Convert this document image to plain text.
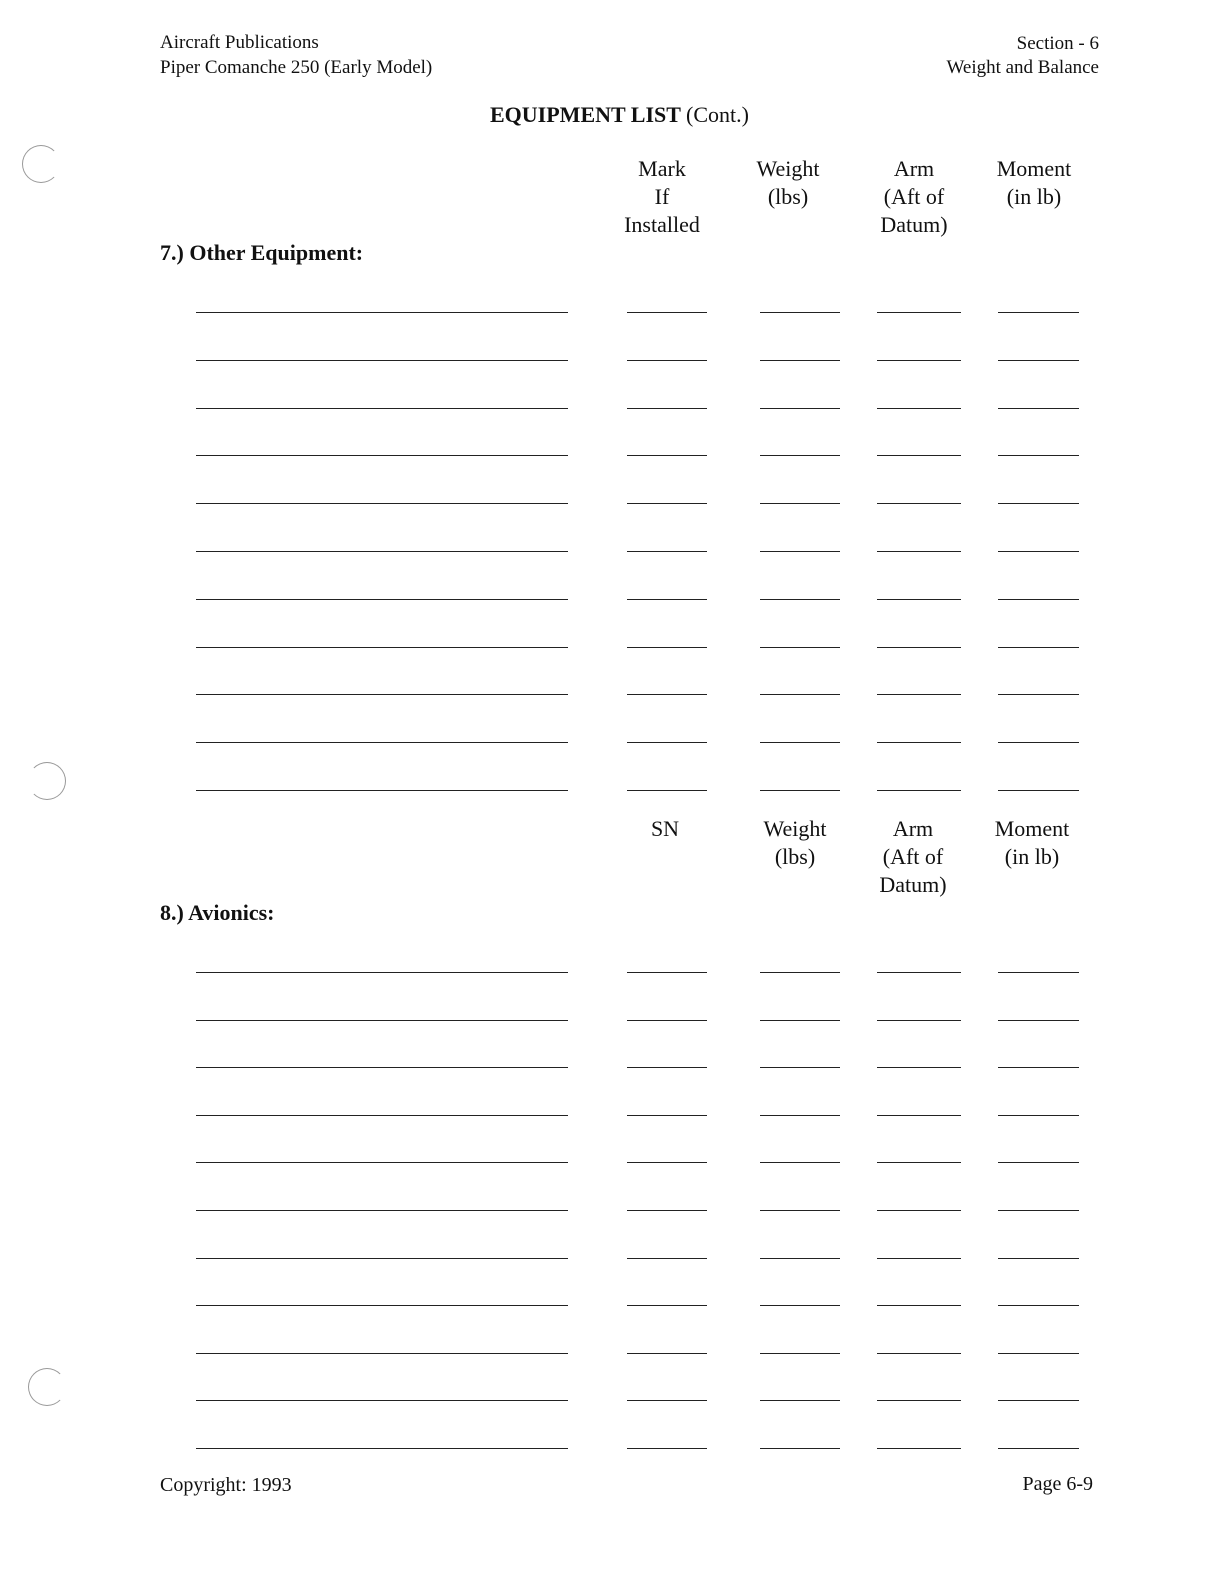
Aircraft Publications
Piper Comanche 250 (Early Model)
Section - 6
Weight and Balance
EQUIPMENT LIST (Cont.)
Mark
If
Installed
Weight
(lbs)
Arm
(Aft of
Datum)
Moment
(in lb)
7.) Other Equipment:
SN	Weight
(lbs)
Arm
(Aft of
Datum)
Moment
(in lb)
8.) Avionics:
Copyright: 1993	Page 6-9
